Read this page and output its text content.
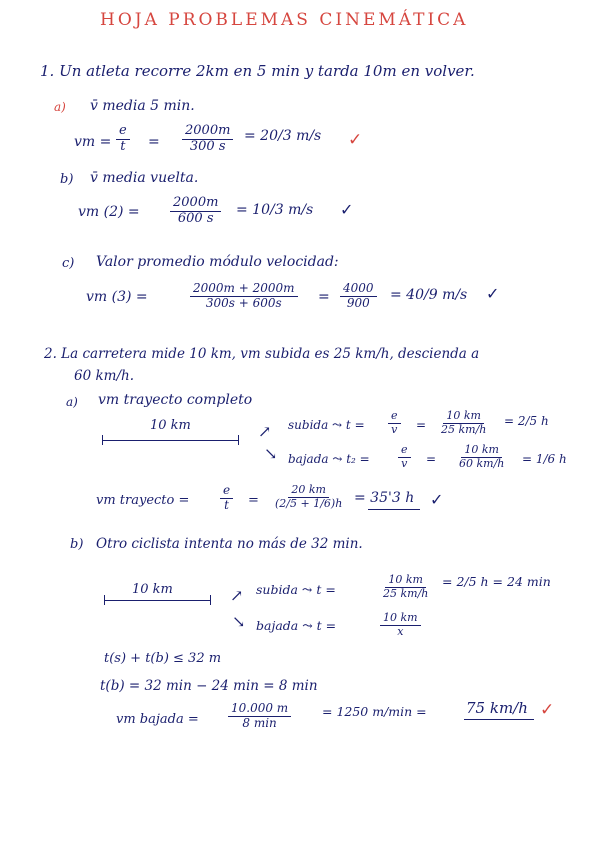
HOJA PROBLEMAS CINEMÁTICA
1. Un atleta recorre 2km en 5 min y tarda 10m en volver.
a) v̄ media 5 min.
vm = $\frac{e}{t} = \frac{2000m}{300 s} = 20/3$ m/s ✓
b) v̄ media vuelta.
vm $(2) = \frac{2000m}{600 s} = 10/3$ m/s ✓
c) Valor promedio módulo velocidad:
vm (3) =	$\frac{2000m + 2000m}{300s + 600s} = \frac{4000}{900} = 40/9$ m/s ✓
2. La carretera mide 10 km, vm subida es 25 km/h, descienda a
60 km/h.
a) vm trayecto completo
10 km	↗
↘
subida ⤳ $t = \frac{e}{v} = \frac{10 km}{25 km/h} = 2/5$ h
bajada ⤳ t₂ =	$\frac{e}{v} = \frac{10 km}{60 km/h} = 1/6$ h
vm trayecto =	$\frac{e}{t} = \frac{20 km}{(2/5 + 1/6)h} = 35'3$ h ✓
b) Otro ciclista intenta no más de 32 min.
10 km	↗
↘
subida ⤳ t =	$\frac{10 km}{25 km/h} = 2/5$ h = 24 min
bajada ⤳ t =	$\frac{10 km}{x}$
t(s) + t(b) ≤ 32 m
t(b) = 32 min − 24 min = 8 min
vm bajada =
10.000 m
8 min
= 1250 m/min =	75 km/h ✓
